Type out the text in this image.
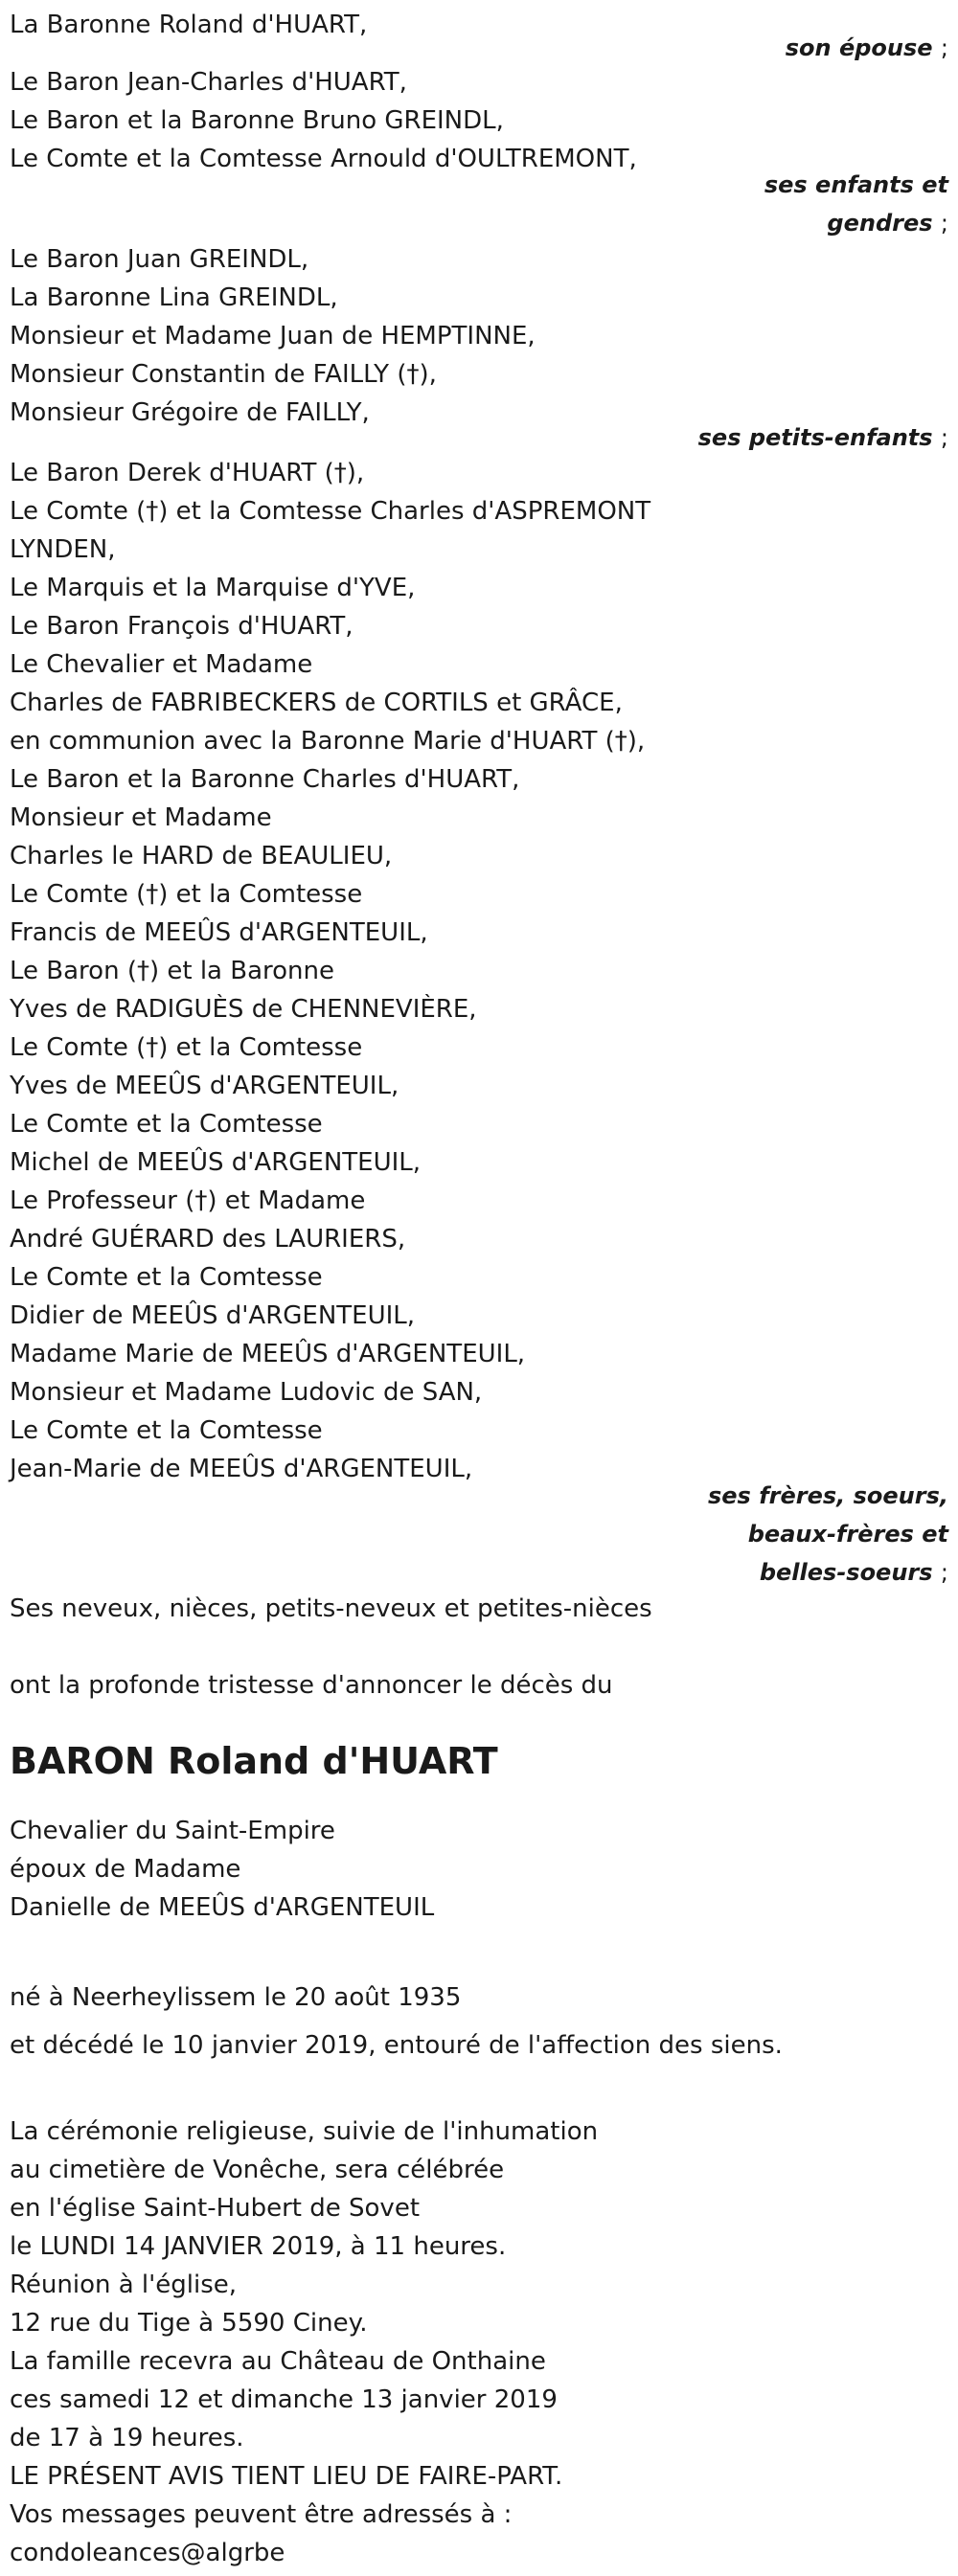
La Baronne Roland d'HUART,
son épouse ;
Le Baron Jean-Charles d'HUART,
Le Baron et la Baronne Bruno GREINDL,
Le Comte et la Comtesse Arnould d'OULTREMONT,
ses enfants et
gendres ;
Le Baron Juan GREINDL,
La Baronne Lina GREINDL,
Monsieur et Madame Juan de HEMPTINNE,
Monsieur Constantin de FAILLY (†),
Monsieur Grégoire de FAILLY,
ses petits-enfants ;
Le Baron Derek d'HUART (†),
Le Comte (†) et la Comtesse Charles d'ASPREMONT
LYNDEN,
Le Marquis et la Marquise d'YVE,
Le Baron François d'HUART,
Le Chevalier et Madame
Charles de FABRIBECKERS de CORTILS et GRÂCE,
en communion avec la Baronne Marie d'HUART (†),
Le Baron et la Baronne Charles d'HUART,
Monsieur et Madame
Charles le HARD de BEAULIEU,
Le Comte (†) et la Comtesse
Francis de MEEÛS d'ARGENTEUIL,
Le Baron (†) et la Baronne
Yves de RADIGUÈS de CHENNEVIÈRE,
Le Comte (†) et la Comtesse
Yves de MEEÛS d'ARGENTEUIL,
Le Comte et la Comtesse
Michel de MEEÛS d'ARGENTEUIL,
Le Professeur (†) et Madame
André GUÉRARD des LAURIERS,
Le Comte et la Comtesse
Didier de MEEÛS d'ARGENTEUIL,
Madame Marie de MEEÛS d'ARGENTEUIL,
Monsieur et Madame Ludovic de SAN,
Le Comte et la Comtesse
Jean-Marie de MEEÛS d'ARGENTEUIL,
ses frères, soeurs,
beaux-frères et
belles-soeurs ;
Ses neveux, nièces, petits-neveux et petites-nièces
ont la profonde tristesse d'annoncer le décès du
BARON Roland d'HUART
Chevalier du Saint-Empire
époux de Madame
Danielle de MEEÛS d'ARGENTEUIL
né à Neerheylissem le 20 août 1935
et décédé le 10 janvier 2019, entouré de l'affection des siens.
La cérémonie religieuse, suivie de l'inhumation
au cimetière de Vonêche, sera célébrée
en l'église Saint-Hubert de Sovet
le LUNDI 14 JANVIER 2019, à 11 heures.
Réunion à l'église,
12 rue du Tige à 5590 Ciney.
La famille recevra au Château de Onthaine
ces samedi 12 et dimanche 13 janvier 2019
de 17 à 19 heures.
LE PRÉSENT AVIS TIENT LIEU DE FAIRE-PART.
Vos messages peuvent être adressés à :
condoleances@algrbe
